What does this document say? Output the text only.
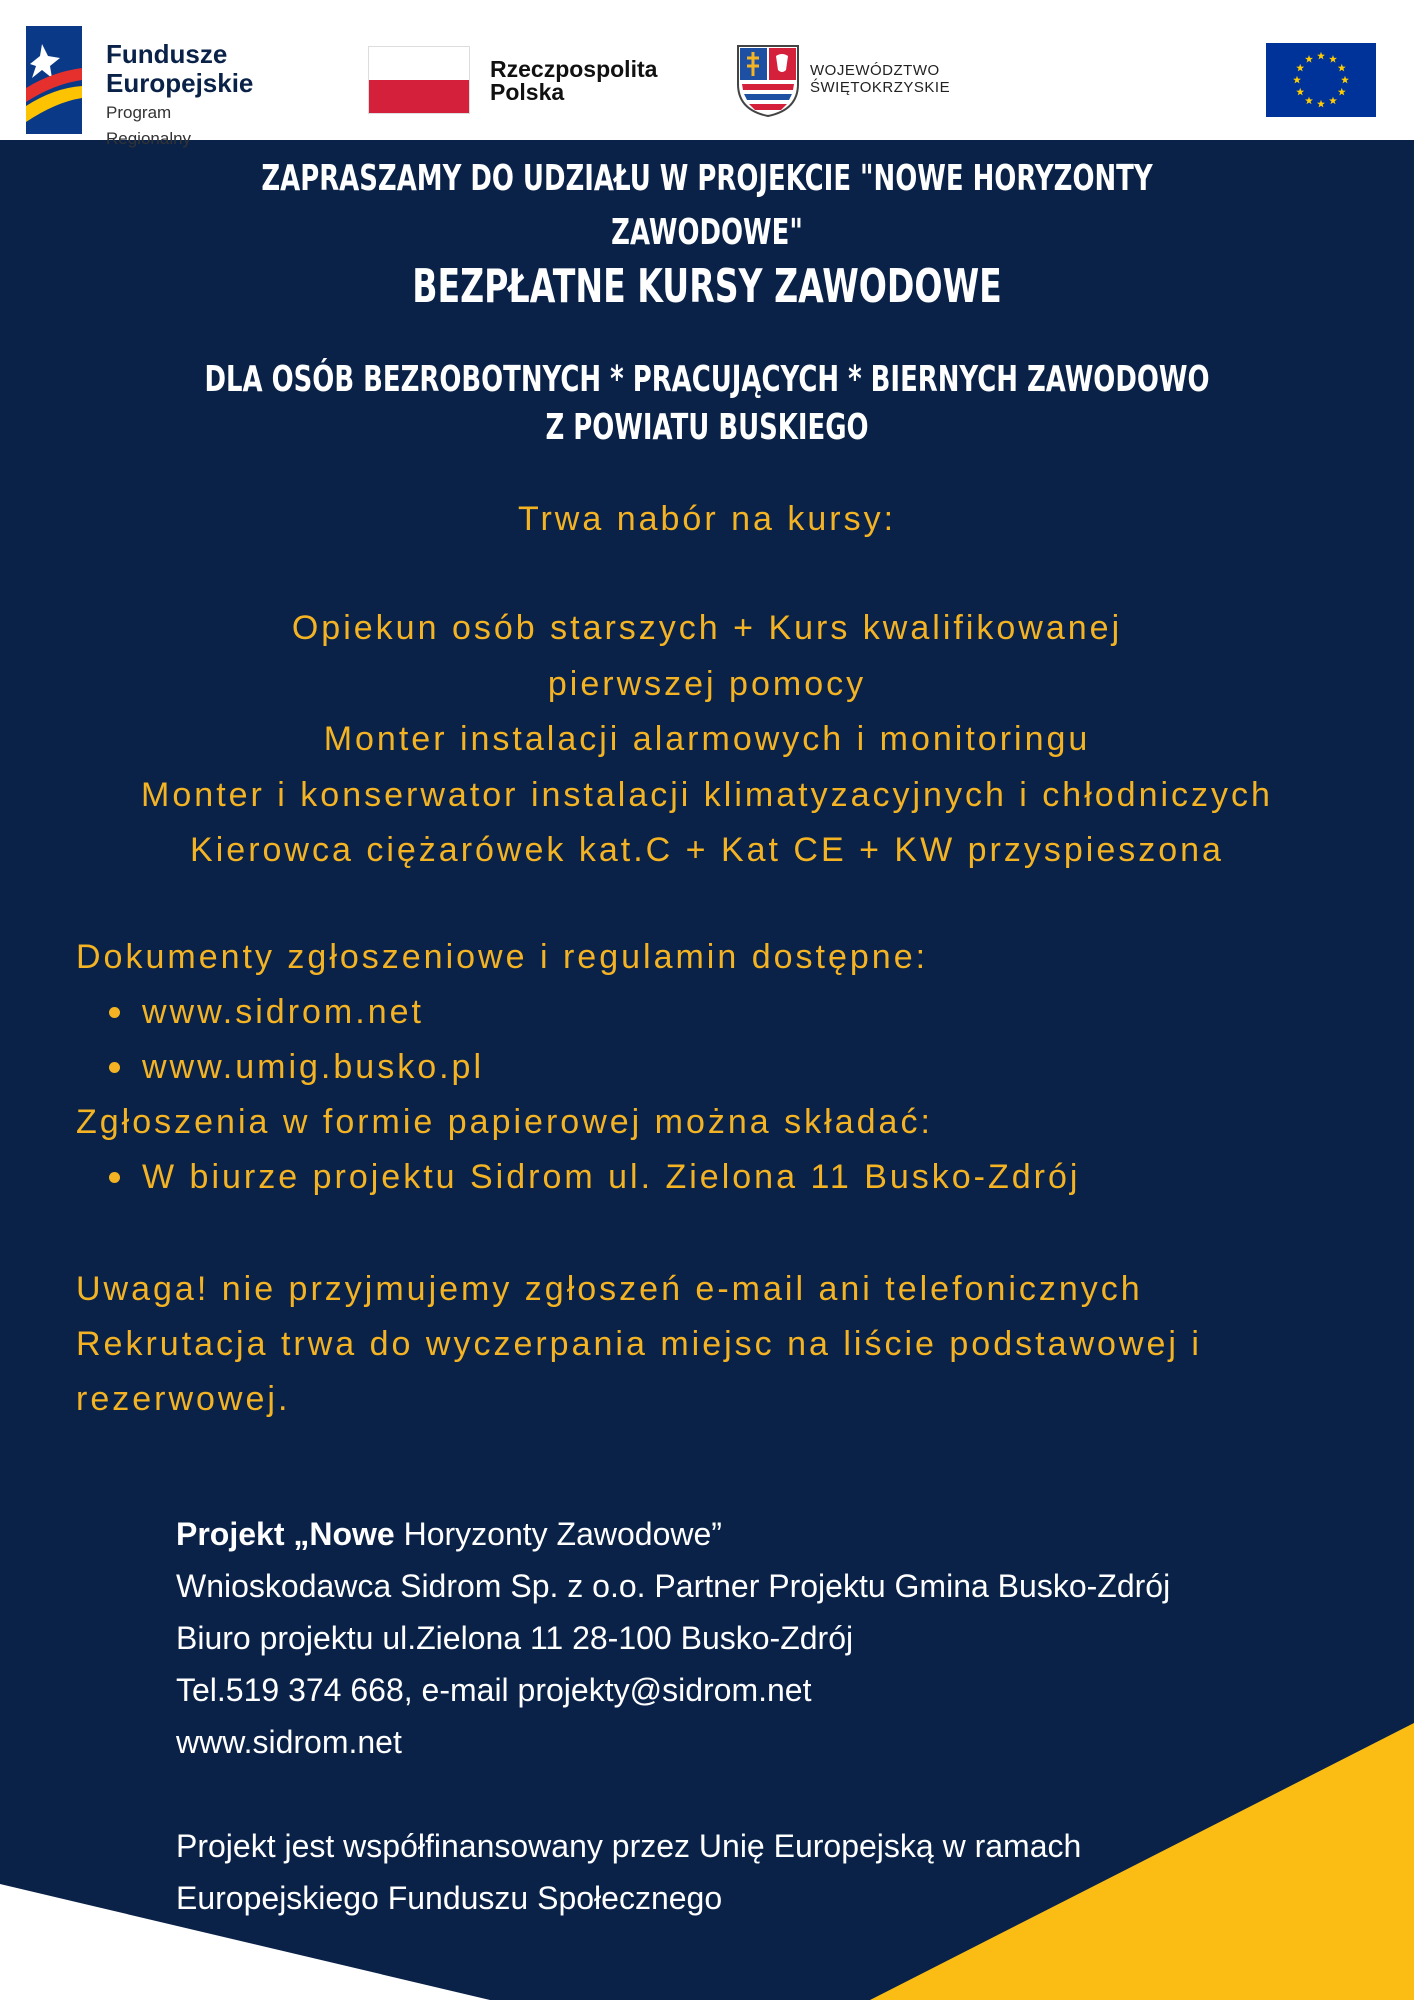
Fundusze
Europejskie
Program Regionalny
Rzeczpospolita
Polska
WOJEWÓDZTWO
ŚWIĘTOKRZYSKIE
ZAPRASZAMY DO UDZIAŁU W PROJEKCIE "NOWE HORYZONTY ZAWODOWE"
BEZPŁATNE KURSY ZAWODOWE
DLA OSÓB BEZROBOTNYCH * PRACUJĄCYCH * BIERNYCH ZAWODOWO
Z POWIATU BUSKIEGO

Trwa nabór na kursy:

Opiekun osób starszych + Kurs kwalifikowanej
pierwszej pomocy
Monter instalacji alarmowych i monitoringu
Monter i konserwator instalacji klimatyzacyjnych i chłodniczych
Kierowca ciężarówek kat.C + Kat CE + KW przyspieszona

Dokumenty zgłoszeniowe i regulamin dostępne:

www.sidrom.net
www.umig.busko.pl

Zgłoszenia w formie papierowej można składać:

W biurze projektu Sidrom ul. Zielona 11 Busko-Zdrój

Uwaga! nie przyjmujemy zgłoszeń e-mail ani telefonicznych

Rekrutacja trwa do wyczerpania miejsc na liście podstawowej i

rezerwowej.

Projekt „Nowe Horyzonty Zawodowe”

Wnioskodawca Sidrom Sp. z o.o. Partner Projektu Gmina Busko-Zdrój

Biuro projektu ul.Zielona 11 28-100 Busko-Zdrój

Tel.519 374 668, e-mail projekty@sidrom.net

www.sidrom.net

Projekt jest współfinansowany przez Unię Europejską w ramach

Europejskiego Funduszu Społecznego
